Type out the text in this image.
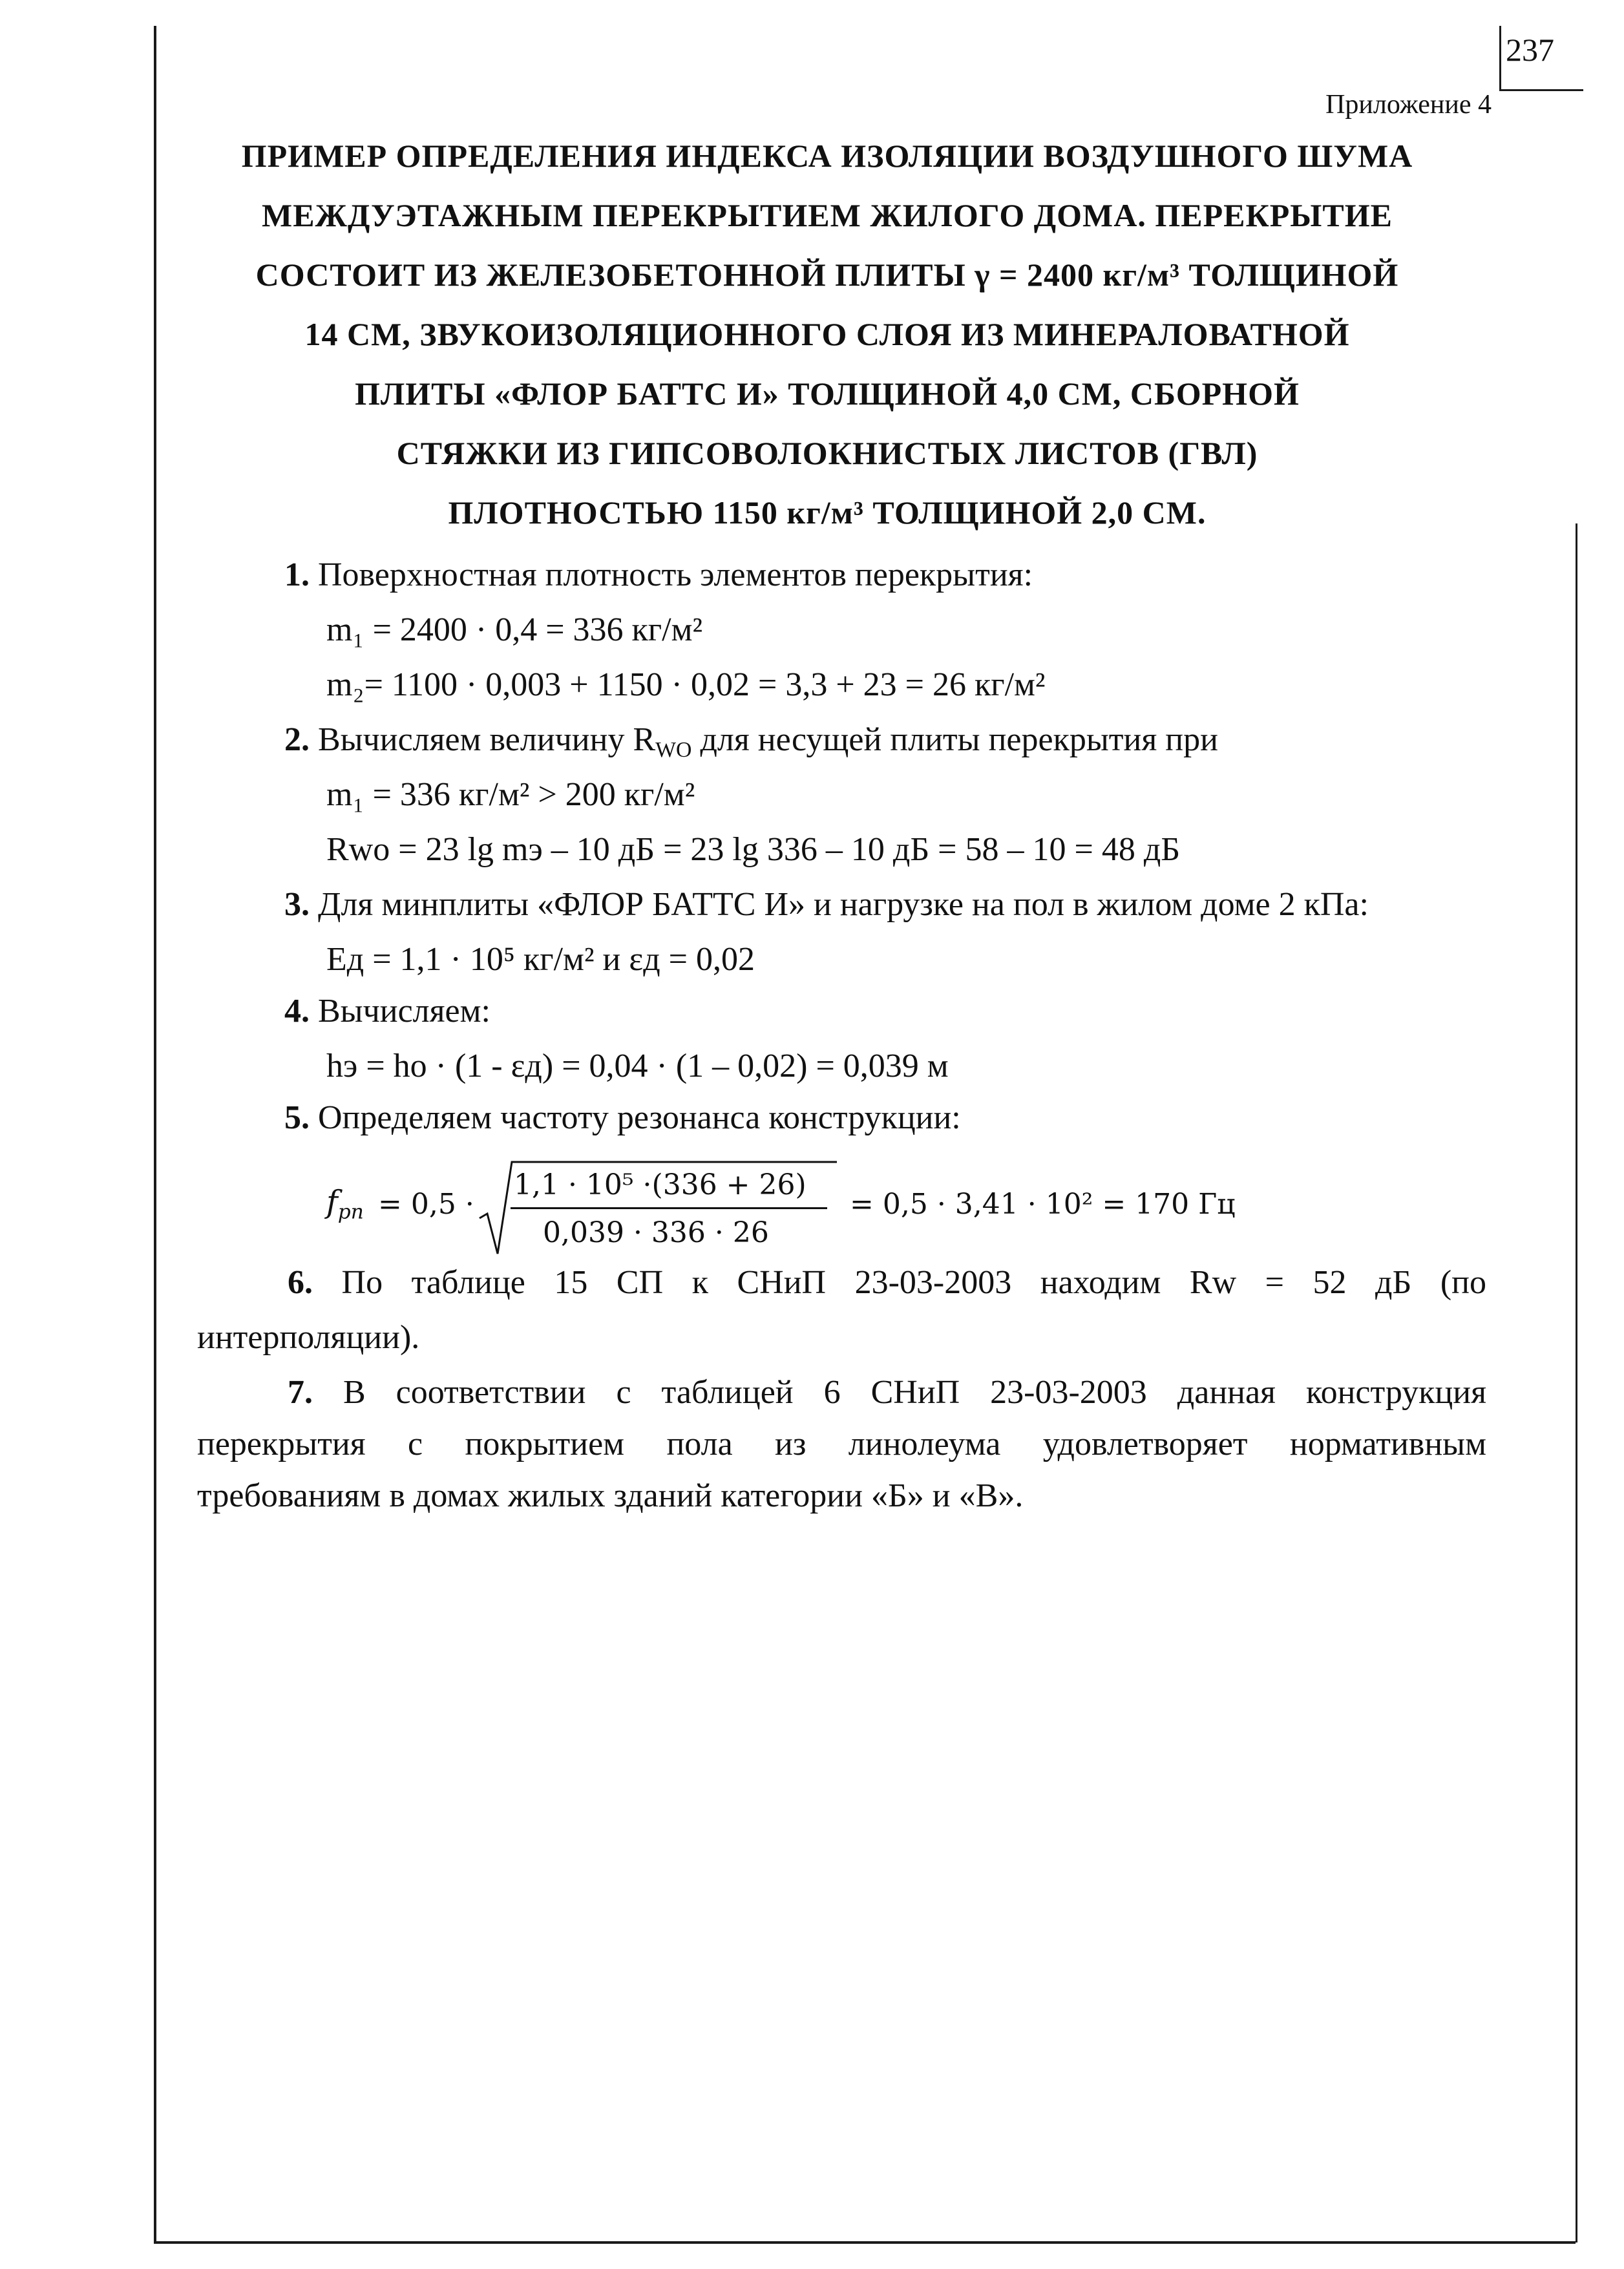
237
Приложение 4
ПРИМЕР ОПРЕДЕЛЕНИЯ ИНДЕКСА ИЗОЛЯЦИИ ВОЗДУШНОГО ШУМА
МЕЖДУЭТАЖНЫМ ПЕРЕКРЫТИЕМ ЖИЛОГО ДОМА. ПЕРЕКРЫТИЕ
СОСТОИТ ИЗ ЖЕЛЕЗОБЕТОННОЙ ПЛИТЫ γ = 2400 кг/м³ ТОЛЩИНОЙ
14 СМ, ЗВУКОИЗОЛЯЦИОННОГО СЛОЯ ИЗ МИНЕРАЛОВАТНОЙ
ПЛИТЫ «ФЛОР БАТТС И» ТОЛЩИНОЙ 4,0 СМ, СБОРНОЙ
СТЯЖКИ ИЗ ГИПСОВОЛОКНИСТЫХ ЛИСТОВ (ГВЛ)
ПЛОТНОСТЬЮ 1150 кг/м³ ТОЛЩИНОЙ 2,0 СМ.
1. Поверхностная плотность элементов перекрытия:
m₁ = 2400 · 0,4 = 336 кг/м²
m₂= 1100 · 0,003 + 1150 · 0,02 = 3,3 + 23 = 26 кг/м²
2. Вычисляем величину $R_{WO}$ для несущей плиты перекрытия при
m₁ = 336 кг/м² > 200 кг/м²
Rwo = 23 lg mэ – 10 дБ = 23 lg 336 – 10 дБ = 58 – 10 = 48 дБ
3. Для минплиты «ФЛОР БАТТС И» и нагрузке на пол в жилом доме 2 кПа:
Eд = 1,1 · 10⁵ кг/м² и εд = 0,02
4. Вычисляем:
hэ = hо · (1 - εд) = 0,04 · (1 – 0,02) = 0,039 м
5. Определяем частоту резонанса конструкции:
$f_{рп} = 0,5$ ·
1,1 · 10⁵ ·(336 + 26)
0,039 · 336 · 26
= 0,5 · 3,41 · 10² = 170 Гц
6. По таблице 15 СП к СНиП 23-03-2003 находим Rw = 52 дБ (по
интерполяции).
7. В соответствии с таблицей 6 СНиП 23-03-2003 данная конструкция
перекрытия с покрытием пола из линолеума удовлетворяет нормативным
требованиям в домах жилых зданий категории «Б» и «В».
